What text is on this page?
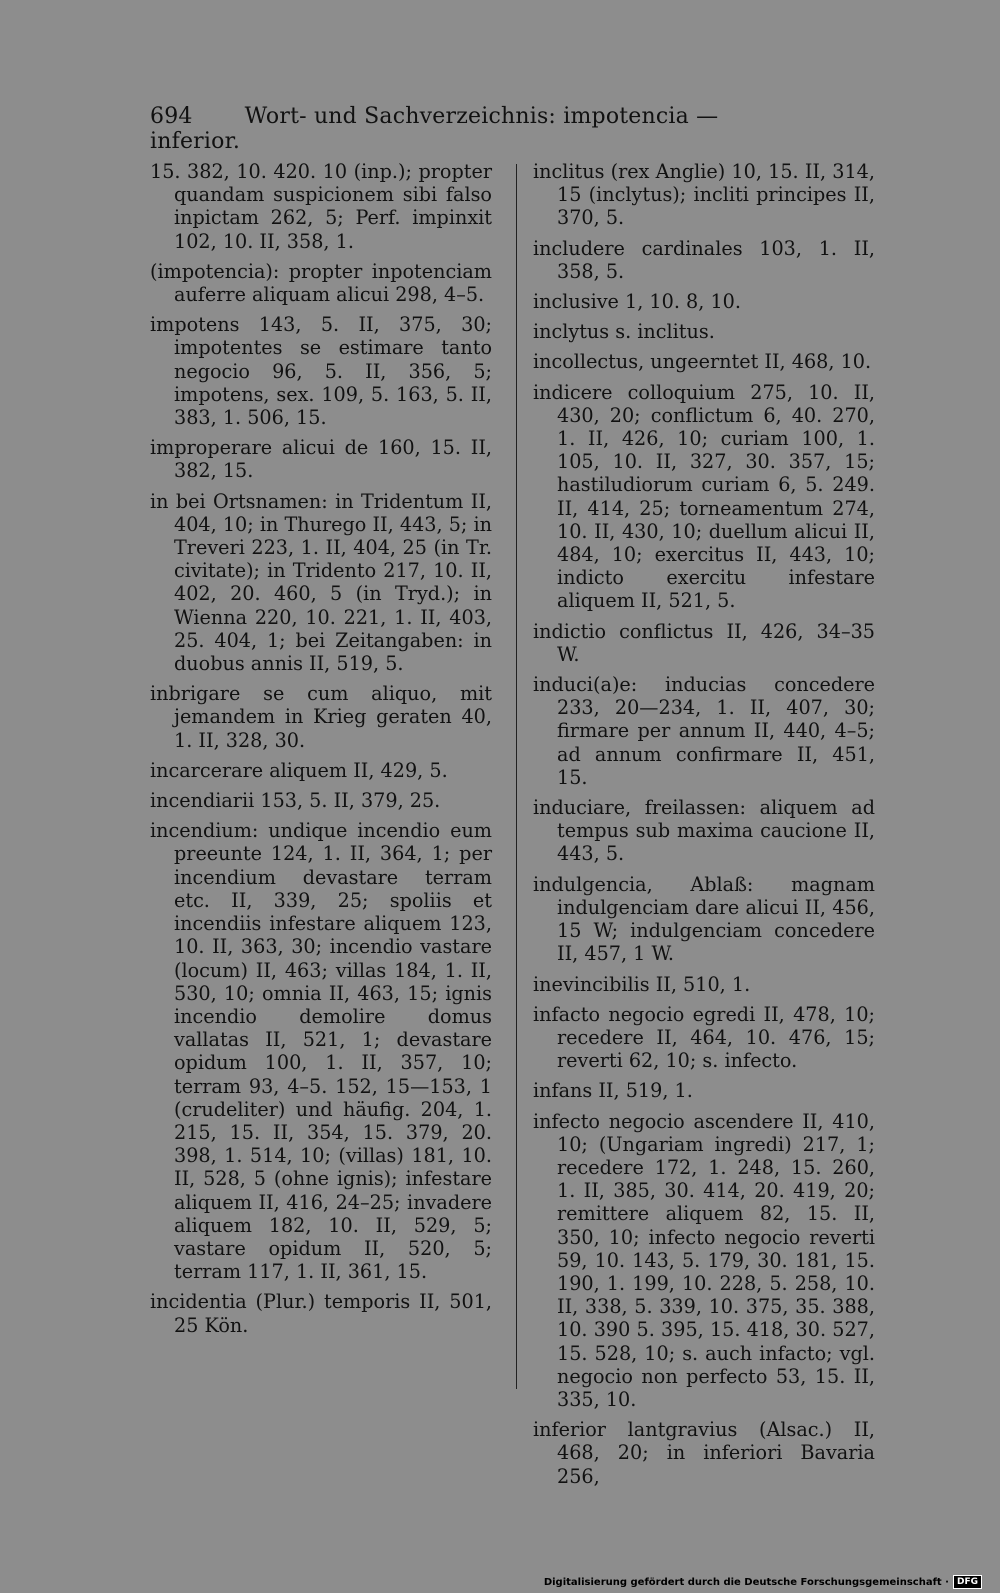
694 Wort- und Sachverzeichnis: impotencia — inferior.

15. 382, 10. 420. 10 (inp.); propter quandam suspicionem sibi falso inpictam 262, 5; Perf. impinxit 102, 10. II, 358, 1.

(impotencia): propter inpotenciam auferre aliquam alicui 298, 4–5.

impotens 143, 5. II, 375, 30; impotentes se estimare tanto negocio 96, 5. II, 356, 5; impotens, sex. 109, 5. 163, 5. II, 383, 1. 506, 15.

improperare alicui de 160, 15. II, 382, 15.

in bei Ortsnamen: in Tridentum II, 404, 10; in Thurego II, 443, 5; in Treveri 223, 1. II, 404, 25 (in Tr. civitate); in Tridento 217, 10. II, 402, 20. 460, 5 (in Tryd.); in Wienna 220, 10. 221, 1. II, 403, 25. 404, 1; bei Zeitangaben: in duobus annis II, 519, 5.

inbrigare se cum aliquo, mit jemandem in Krieg geraten 40, 1. II, 328, 30.

incarcerare aliquem II, 429, 5.

incendiarii 153, 5. II, 379, 25.

incendium: undique incendio eum preeunte 124, 1. II, 364, 1; per incendium devastare terram etc. II, 339, 25; spoliis et incendiis infestare aliquem 123, 10. II, 363, 30; incendio vastare (locum) II, 463; villas 184, 1. II, 530, 10; omnia II, 463, 15; ignis incendio demolire domus vallatas II, 521, 1; devastare opidum 100, 1. II, 357, 10; terram 93, 4–5. 152, 15—153, 1 (crudeliter) und häufig. 204, 1. 215, 15. II, 354, 15. 379, 20. 398, 1. 514, 10; (villas) 181, 10. II, 528, 5 (ohne ignis); infestare aliquem II, 416, 24–25; invadere aliquem 182, 10. II, 529, 5; vastare opidum II, 520, 5; terram 117, 1. II, 361, 15.

incidentia (Plur.) temporis II, 501, 25 Kön.

inclitus (rex Anglie) 10, 15. II, 314, 15 (inclytus); incliti principes II, 370, 5.

includere cardinales 103, 1. II, 358, 5.

inclusive 1, 10. 8, 10.

inclytus s. inclitus.

incollectus, ungeerntet II, 468, 10.

indicere colloquium 275, 10. II, 430, 20; conflictum 6, 40. 270, 1. II, 426, 10; curiam 100, 1. 105, 10. II, 327, 30. 357, 15; hastiludiorum curiam 6, 5. 249. II, 414, 25; torneamentum 274, 10. II, 430, 10; duellum alicui II, 484, 10; exercitus II, 443, 10; indicto exercitu infestare aliquem II, 521, 5.

indictio conflictus II, 426, 34–35 W.

induci(a)e: inducias concedere 233, 20—234, 1. II, 407, 30; firmare per annum II, 440, 4–5; ad annum confirmare II, 451, 15.

induciare, freilassen: aliquem ad tempus sub maxima caucione II, 443, 5.

indulgencia, Ablaß: magnam indulgenciam dare alicui II, 456, 15 W; indulgenciam concedere II, 457, 1 W.

inevincibilis II, 510, 1.

infacto negocio egredi II, 478, 10; recedere II, 464, 10. 476, 15; reverti 62, 10; s. infecto.

infans II, 519, 1.

infecto negocio ascendere II, 410, 10; (Ungariam ingredi) 217, 1; recedere 172, 1. 248, 15. 260, 1. II, 385, 30. 414, 20. 419, 20; remittere aliquem 82, 15. II, 350, 10; infecto negocio reverti 59, 10. 143, 5. 179, 30. 181, 15. 190, 1. 199, 10. 228, 5. 258, 10. II, 338, 5. 339, 10. 375, 35. 388, 10. 390 5. 395, 15. 418, 30. 527, 15. 528, 10; s. auch infacto; vgl. negocio non perfecto 53, 15. II, 335, 10.

inferior lantgravius (Alsac.) II, 468, 20; in inferiori Bavaria 256,

Digitalisierung gefördert durch die Deutsche Forschungsgemeinschaft · DFG
